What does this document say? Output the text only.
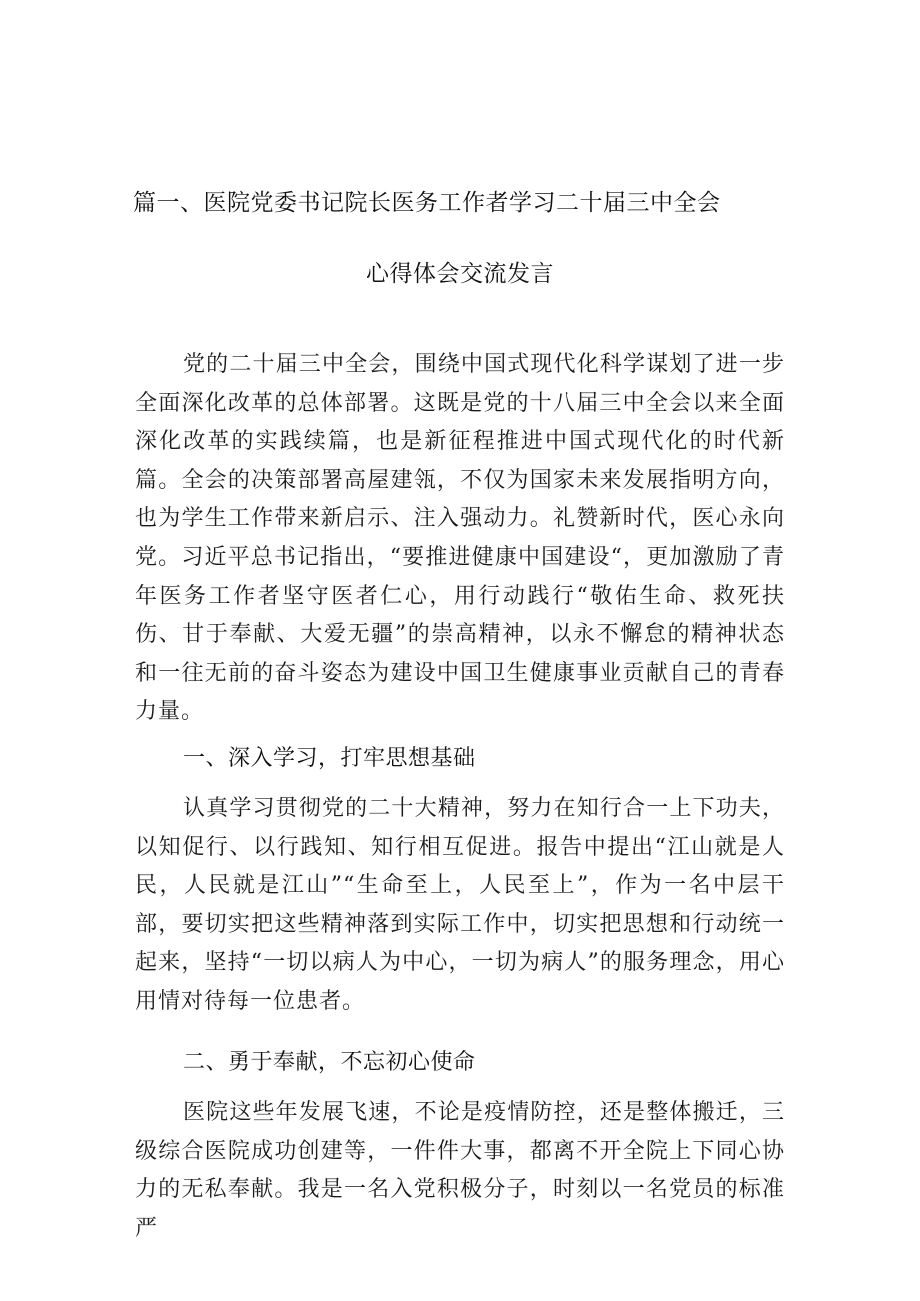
篇一、医院党委书记院长医务工作者学习二十届三中全会
心得体会交流发言

党的二十届三中全会，围绕中国式现代化科学谋划了进一步全面深化改革的总体部署。这既是党的十八届三中全会以来全面深化改革的实践续篇，也是新征程推进中国式现代化的时代新篇。全会的决策部署高屋建瓴，不仅为国家未来发展指明方向，也为学生工作带来新启示、注入强动力。礼赞新时代，医心永向党。习近平总书记指出，“要推进健康中国建设“，更加激励了青年医务工作者坚守医者仁心，用行动践行“敬佑生命、救死扶伤、甘于奉献、大爱无疆”的崇高精神，以永不懈怠的精神状态和一往无前的奋斗姿态为建设中国卫生健康事业贡献自己的青春力量。

一、深入学习，打牢思想基础

认真学习贯彻党的二十大精神，努力在知行合一上下功夫，以知促行、以行践知、知行相互促进。报告中提出“江山就是人民，人民就是江山”“生命至上，人民至上”，作为一名中层干部，要切实把这些精神落到实际工作中，切实把思想和行动统一起来，坚持“一切以病人为中心，一切为病人”的服务理念，用心用情对待每一位患者。

二、勇于奉献，不忘初心使命

医院这些年发展飞速，不论是疫情防控，还是整体搬迁，三级综合医院成功创建等，一件件大事，都离不开全院上下同心协力的无私奉献。我是一名入党积极分子，时刻以一名党员的标准严
